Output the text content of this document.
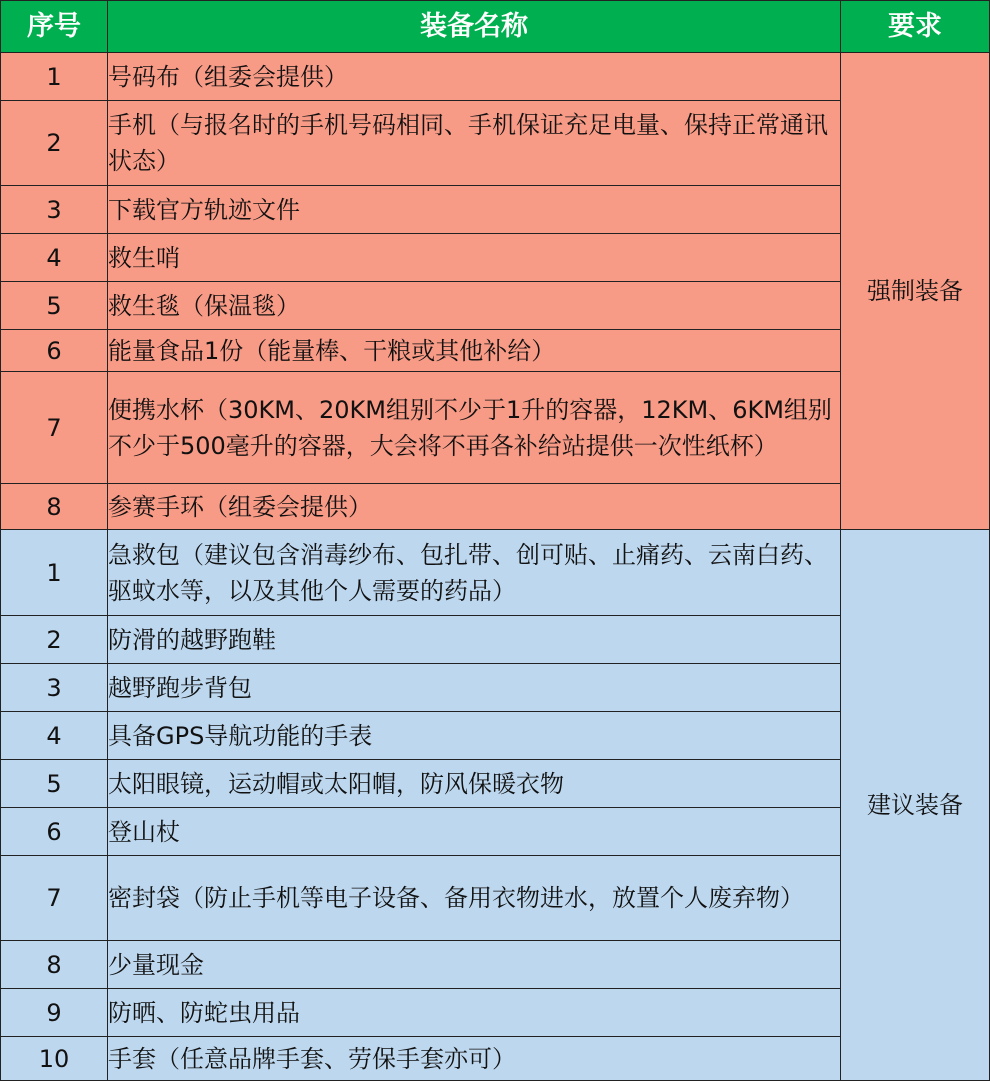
序号	装备名称	要求
1	号码布（组委会提供）	强制装备
2	手机（与报名时的手机号码相同、手机保证充足电量、保持正常通讯状态）	
3	下载官方轨迹文件	
4	救生哨	
5	救生毯（保温毯）	
6	能量食品1份（能量棒、干粮或其他补给）	
7	便携水杯（30KM、20KM组别不少于1升的容器，12KM、6KM组别不少于500毫升的容器，大会将不再各补给站提供一次性纸杯）	
8	参赛手环（组委会提供）	
1	急救包（建议包含消毒纱布、包扎带、创可贴、止痛药、云南白药、驱蚊水等，以及其他个人需要的药品）	建议装备
2	防滑的越野跑鞋	
3	越野跑步背包	
4	具备GPS导航功能的手表	
5	太阳眼镜，运动帽或太阳帽，防风保暖衣物	
6	登山杖	
7	密封袋（防止手机等电子设备、备用衣物进水，放置个人废弃物）	
8	少量现金	
9	防晒、防蛇虫用品	
10	手套（任意品牌手套、劳保手套亦可）	
